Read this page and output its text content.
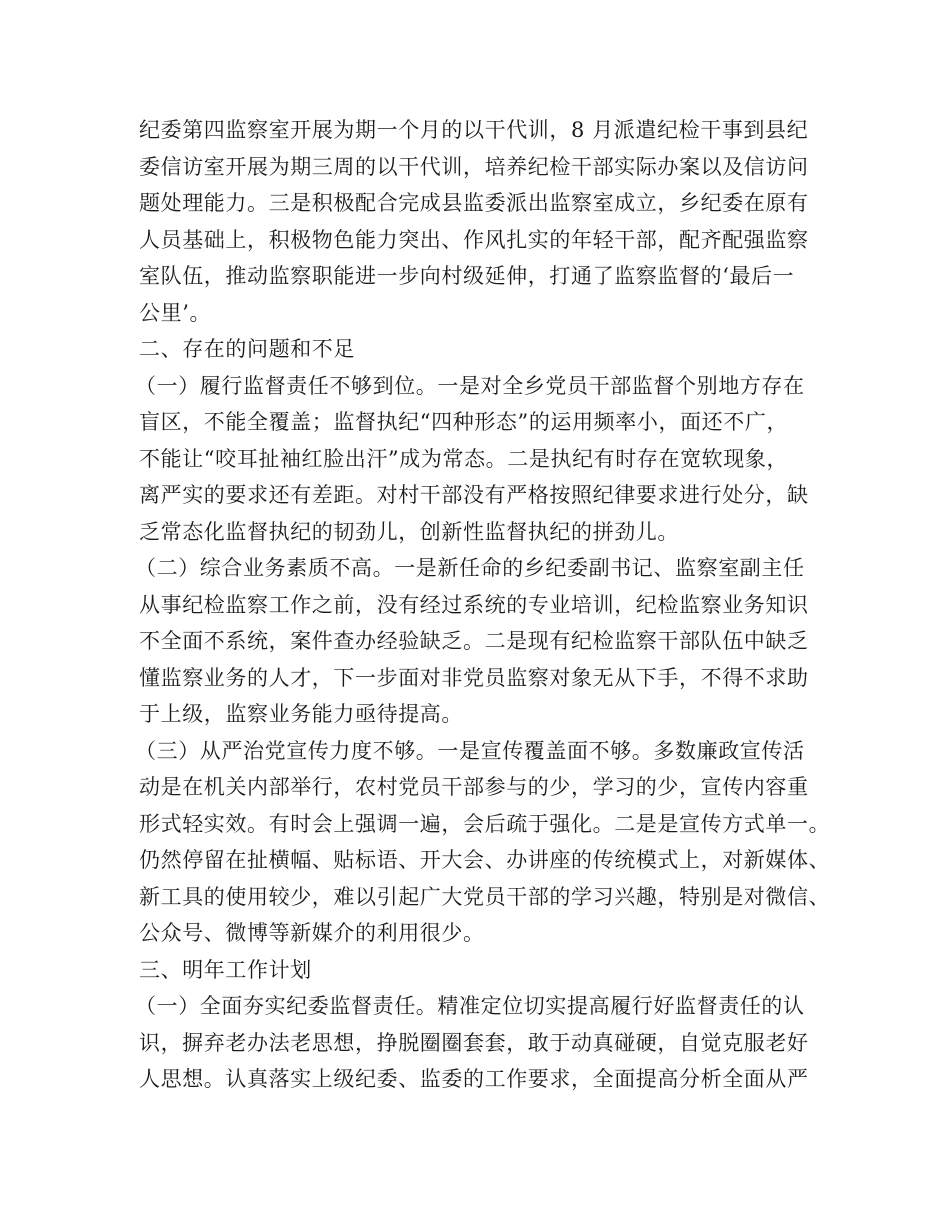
纪委第四监察室开展为期一个月的以干代训，8 月派遣纪检干事到县纪
委信访室开展为期三周的以干代训，培养纪检干部实际办案以及信访问
题处理能力。三是积极配合完成县监委派出监察室成立，乡纪委在原有
人员基础上，积极物色能力突出、作风扎实的年轻干部，配齐配强监察
室队伍，推动监察职能进一步向村级延伸，打通了监察监督的‘最后一
公里’。
二、存在的问题和不足
（一）履行监督责任不够到位。一是对全乡党员干部监督个别地方存在
盲区，不能全覆盖；监督执纪“四种形态”的运用频率小，面还不广，
不能让“咬耳扯袖红脸出汗”成为常态。二是执纪有时存在宽软现象，
离严实的要求还有差距。对村干部没有严格按照纪律要求进行处分，缺
乏常态化监督执纪的韧劲儿，创新性监督执纪的拼劲儿。
（二）综合业务素质不高。一是新任命的乡纪委副书记、监察室副主任
从事纪检监察工作之前，没有经过系统的专业培训，纪检监察业务知识
不全面不系统，案件查办经验缺乏。二是现有纪检监察干部队伍中缺乏
懂监察业务的人才，下一步面对非党员监察对象无从下手，不得不求助
于上级，监察业务能力亟待提高。
（三）从严治党宣传力度不够。一是宣传覆盖面不够。多数廉政宣传活
动是在机关内部举行，农村党员干部参与的少，学习的少，宣传内容重
形式轻实效。有时会上强调一遍，会后疏于强化。二是是宣传方式单一。
仍然停留在扯横幅、贴标语、开大会、办讲座的传统模式上，对新媒体、
新工具的使用较少，难以引起广大党员干部的学习兴趣，特别是对微信、
公众号、微博等新媒介的利用很少。
三、明年工作计划
（一）全面夯实纪委监督责任。精准定位切实提高履行好监督责任的认
识，摒弃老办法老思想，挣脱圈圈套套，敢于动真碰硬，自觉克服老好
人思想。认真落实上级纪委、监委的工作要求，全面提高分析全面从严
